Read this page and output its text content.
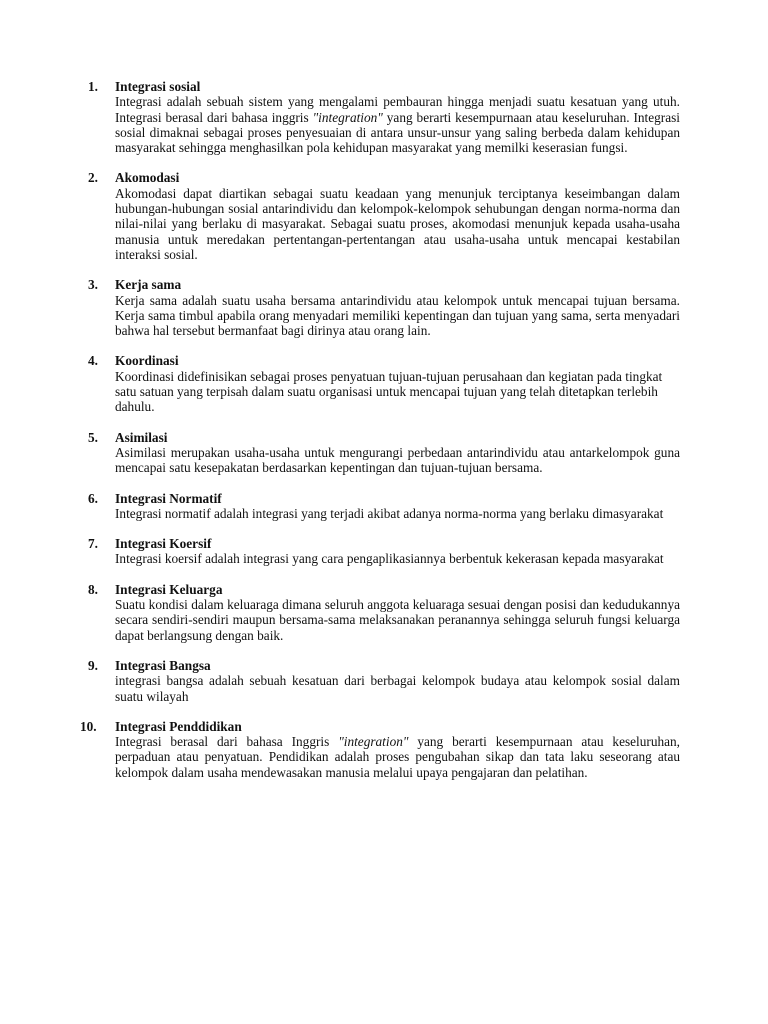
1. Integrasi sosial
Integrasi adalah sebuah sistem yang mengalami pembauran hingga menjadi suatu kesatuan yang utuh. Integrasi berasal dari bahasa inggris "integration" yang berarti kesempurnaan atau keseluruhan. Integrasi sosial dimaknai sebagai proses penyesuaian di antara unsur-unsur yang saling berbeda dalam kehidupan masyarakat sehingga menghasilkan pola kehidupan masyarakat yang memilki keserasian fungsi.
2. Akomodasi
Akomodasi dapat diartikan sebagai suatu keadaan yang menunjuk terciptanya keseimbangan dalam hubungan-hubungan sosial antarindividu dan kelompok-kelompok sehubungan dengan norma-norma dan nilai-nilai yang berlaku di masyarakat. Sebagai suatu proses, akomodasi menunjuk kepada usaha-usaha manusia untuk meredakan pertentangan-pertentangan atau usaha-usaha untuk mencapai kestabilan interaksi sosial.
3. Kerja sama
Kerja sama adalah suatu usaha bersama antarindividu atau kelompok untuk mencapai tujuan bersama. Kerja sama timbul apabila orang menyadari memiliki kepentingan dan tujuan yang sama, serta menyadari bahwa hal tersebut bermanfaat bagi dirinya atau orang lain.
4. Koordinasi
Koordinasi didefinisikan sebagai proses penyatuan tujuan-tujuan perusahaan dan kegiatan pada tingkat satu satuan yang terpisah dalam suatu organisasi untuk mencapai tujuan yang telah ditetapkan terlebih dahulu.
5. Asimilasi
Asimilasi merupakan usaha-usaha untuk mengurangi perbedaan antarindividu atau antarkelompok guna mencapai satu kesepakatan berdasarkan kepentingan dan tujuan-tujuan bersama.
6. Integrasi Normatif
Integrasi normatif adalah integrasi yang terjadi akibat adanya norma-norma yang berlaku dimasyarakat
7. Integrasi Koersif
Integrasi koersif adalah integrasi yang cara pengaplikasiannya berbentuk kekerasan kepada masyarakat
8. Integrasi Keluarga
Suatu kondisi dalam keluaraga dimana seluruh anggota keluaraga sesuai dengan posisi dan kedudukannya secara sendiri-sendiri maupun bersama-sama melaksanakan peranannya sehingga seluruh fungsi keluarga dapat berlangsung dengan baik.
9. Integrasi Bangsa
integrasi bangsa adalah sebuah kesatuan dari berbagai kelompok budaya atau kelompok sosial dalam suatu wilayah
10. Integrasi Penddidikan
Integrasi berasal dari bahasa Inggris "integration" yang berarti kesempurnaan atau keseluruhan, perpaduan atau penyatuan. Pendidikan adalah proses pengubahan sikap dan tata laku seseorang atau kelompok dalam usaha mendewasakan manusia melalui upaya pengajaran dan pelatihan.
